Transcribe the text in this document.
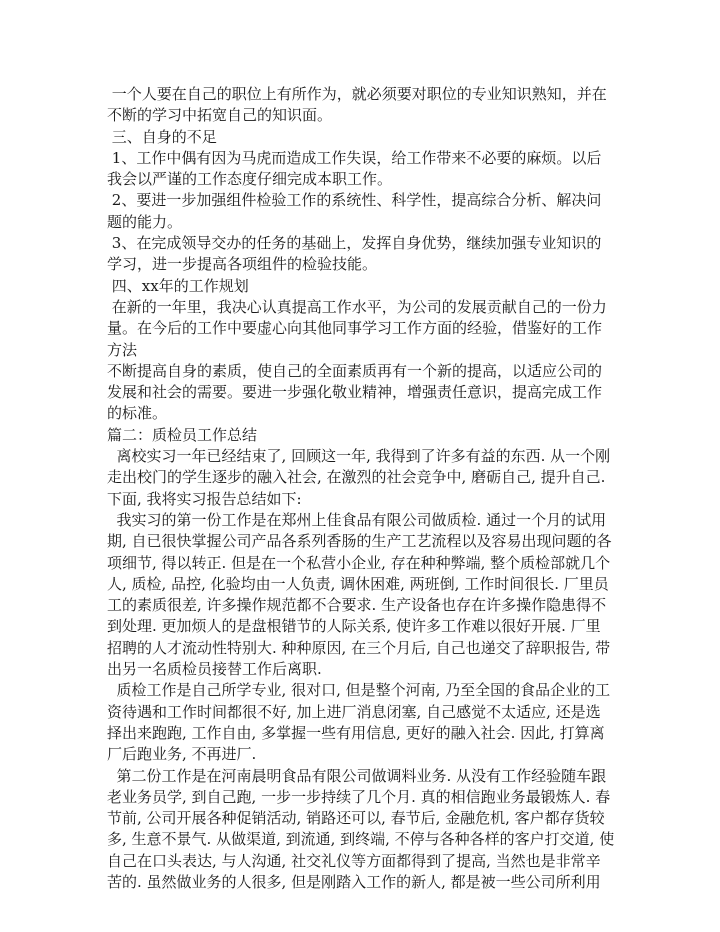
一个人要在自己的职位上有所作为，就必须要对职位的专业知识熟知，并在不断的学习中拓宽自己的知识面。

三、自身的不足

1、工作中偶有因为马虎而造成工作失误，给工作带来不必要的麻烦。以后我会以严谨的工作态度仔细完成本职工作。

2、要进一步加强组件检验工作的系统性、科学性，提高综合分析、解决问题的能力。

3、在完成领导交办的任务的基础上，发挥自身优势，继续加强专业知识的学习，进一步提高各项组件的检验技能。

四、xx年的工作规划

在新的一年里，我决心认真提高工作水平，为公司的发展贡献自己的一份力量。在今后的工作中要虚心向其他同事学习工作方面的经验，借鉴好的工作方法

不断提高自身的素质，使自己的全面素质再有一个新的提高，以适应公司的发展和社会的需要。要进一步强化敬业精神，增强责任意识，提高完成工作的标准。

篇二：质检员工作总结

离校实习一年已经结束了, 回顾这一年, 我得到了许多有益的东西. 从一个刚走出校门的学生逐步的融入社会, 在激烈的社会竞争中, 磨砺自己, 提升自己. 下面, 我将实习报告总结如下:

我实习的第一份工作是在郑州上佳食品有限公司做质检. 通过一个月的试用期, 自已很快掌握公司产品各系列香肠的生产工艺流程以及容易出现问题的各项细节, 得以转正. 但是在一个私营小企业, 存在种种弊端, 整个质检部就几个人, 质检, 品控, 化验均由一人负责, 调休困难, 两班倒, 工作时间很长. 厂里员工的素质很差, 许多操作规范都不合要求. 生产设备也存在许多操作隐患得不到处理. 更加烦人的是盘根错节的人际关系, 使许多工作难以很好开展. 厂里招聘的人才流动性特别大. 种种原因, 在三个月后, 自己也递交了辞职报告, 带出另一名质检员接替工作后离职.

质检工作是自己所学专业, 很对口, 但是整个河南, 乃至全国的食品企业的工资待遇和工作时间都很不好, 加上进厂消息闭塞, 自己感觉不太适应, 还是选择出来跑跑, 工作自由, 多掌握一些有用信息, 更好的融入社会. 因此, 打算离厂后跑业务, 不再进厂.

第二份工作是在河南晨明食品有限公司做调料业务. 从没有工作经验随车跟老业务员学, 到自己跑, 一步一步持续了几个月. 真的相信跑业务最锻炼人. 春节前, 公司开展各种促销活动, 销路还可以, 春节后, 金融危机, 客户都存货较多, 生意不景气. 从做渠道, 到流通, 到终端, 不停与各种各样的客户打交道, 使自己在口头表达, 与人沟通, 社交礼仪等方面都得到了提高, 当然也是非常辛苦的. 虽然做业务的人很多, 但是刚踏入工作的新人, 都是被一些公司所利用
